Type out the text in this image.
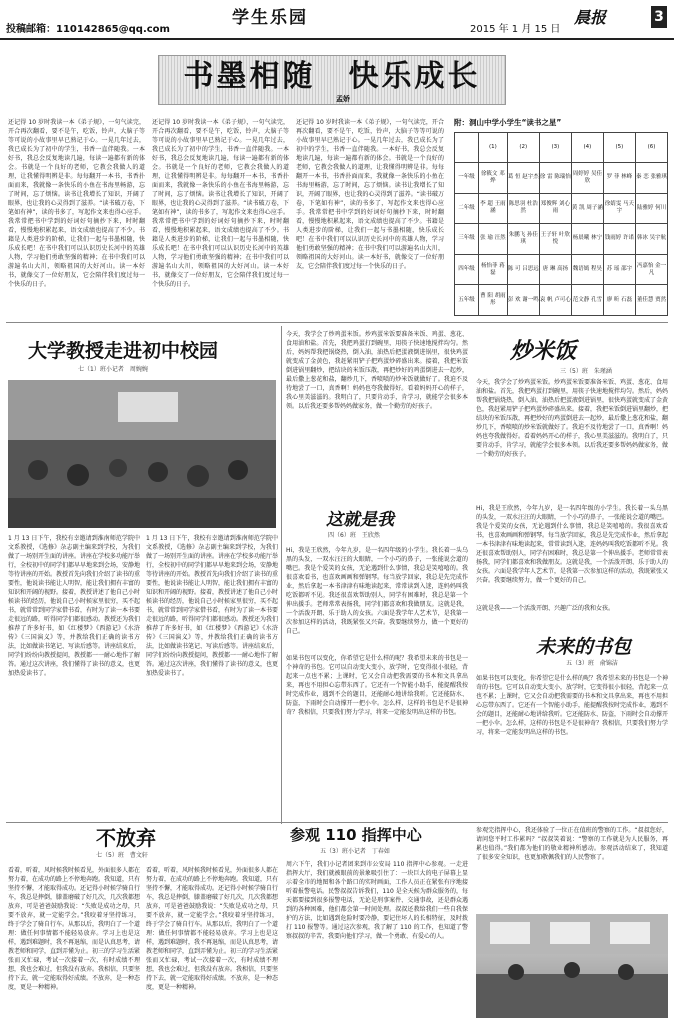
投稿邮箱：110142865@qq.com
学生乐园
2015 年 1 月 15 日
晨报	3
书墨相随　快乐成长
孟娇
还记得 10 岁时我读一本《弟子规》，一句气读完，开合再次翻看，要不是午，吃饭，铃声，大脑子等等可说的小故事里早已熟记于心。一晃几年过去，我已成长为了初中的学生，书香一直伴随我。一本好书，我总会反复地读几遍，每读一遍都有新的体会。书就是一个良好的老师，它教会我做人的道理，让我懂得明辨是非。每每翻开一本书，书香扑面而来，我就像一条快乐的小鱼在书海里畅游，忘了时间，忘了烦恼。读书让我增长了知识，开阔了眼界，也让我的心灵得到了滋养。“读书破万卷，下笔如有神”，读的书多了，写起作文来也得心应手。我常常把书中学到的好词好句摘抄下来，时时翻看，慢慢地积累起来，语文成绩也提高了不少。书籍是人类进步的阶梯，让我们一起与书墨相随，快乐成长吧！在书中我们可以认识历史长河中的英雄人物，学习他们勇敢坚强的精神；在书中我们可以游遍名山大川，领略祖国的大好河山。读一本好书，就像交了一位好朋友，它会陪伴我们度过每一个快乐的日子。
还记得 10 岁时我读一本《弟子规》，一句气读完，开合再次翻看，要不是午，吃饭，铃声，大脑子等等可说的小故事里早已熟记于心。一晃几年过去，我已成长为了初中的学生，书香一直伴随我。一本好书，我总会反复地读几遍，每读一遍都有新的体会。书就是一个良好的老师，它教会我做人的道理，让我懂得明辨是非。每每翻开一本书，书香扑面而来，我就像一条快乐的小鱼在书海里畅游，忘了时间，忘了烦恼。读书让我增长了知识，开阔了眼界，也让我的心灵得到了滋养。“读书破万卷，下笔如有神”，读的书多了，写起作文来也得心应手。我常常把书中学到的好词好句摘抄下来，时时翻看，慢慢地积累起来，语文成绩也提高了不少。书籍是人类进步的阶梯，让我们一起与书墨相随，快乐成长吧！在书中我们可以认识历史长河中的英雄人物，学习他们勇敢坚强的精神；在书中我们可以游遍名山大川，领略祖国的大好河山。读一本好书，就像交了一位好朋友，它会陪伴我们度过每一个快乐的日子。
还记得 10 岁时我读一本《弟子规》，一句气读完，开合再次翻看，要不是午，吃饭，铃声，大脑子等等可说的小故事里早已熟记于心。一晃几年过去，我已成长为了初中的学生，书香一直伴随我。一本好书，我总会反复地读几遍，每读一遍都有新的体会。书就是一个良好的老师，它教会我做人的道理，让我懂得明辨是非。每每翻开一本书，书香扑面而来，我就像一条快乐的小鱼在书海里畅游，忘了时间，忘了烦恼。读书让我增长了知识，开阔了眼界，也让我的心灵得到了滋养。“读书破万卷，下笔如有神”，读的书多了，写起作文来也得心应手。我常常把书中学到的好词好句摘抄下来，时时翻看，慢慢地积累起来，语文成绩也提高了不少。书籍是人类进步的阶梯，让我们一起与书墨相随，快乐成长吧！在书中我们可以认识历史长河中的英雄人物，学习他们勇敢坚强的精神；在书中我们可以游遍名山大川，领略祖国的大好河山。读一本好书，就像交了一位好朋友，它会陪伴我们度过每一个快乐的日子。
附：洞山中学小学生“读书之星”
	(1)	(2)	(3)	(4)	(5)	(6)
一年级	徐筱文 邓烨	葛 恒 赵宇杰	徐 雷 陈瑞怡	周婷婷 吴佳欣	罗 菲 林峰	秦 恋 张雅琪
二年级	李 超 王雨涵	陈思羽 杜浩然	郑俊辉 刘心雨	黄 凯 周子涵	徐婧雯 马天宇	陆雅婷 何川
三年级	张 瑜 汪然	朱鹏飞 孙佳琪	王子轩 叶欣悦	杨晨曦 林宁	钱雨婷 许诺	韩冰 吴宇航
四年级	杨怡菲 蒋磊	陈 可 吕思远	唐 琳 高扬	魏语嫣 程昊	苏 瑶 邵宇	冯嘉怡 金一凡
五年级	曹 阳 胡雨彤	彭 欢 谢一鸣	袁 帆 卢可心	范文静 孔雪	廖 昕 石磊	董佳慧 贾然
大学教授走进初中校园
七（1）班小记者　周婉婉
1 月 13 日下午，我校有幸邀请到淮南师范学院中文系教授，《选修》杂志副主编来到学校，为我们做了一场别开生面的讲座。讲座在学校多功能厅举行，全校初中的同学们都早早地来到会场，安静地等待讲座的开始。教授首先向我们介绍了读书的重要性，他说读书能让人明智，能让我们拥有丰富的知识和开阔的视野。接着，教授讲述了他自己小时候读书的经历，他说自己小时候家里很穷，买不起书，就常常到同学家借书看，有时为了读一本书要走很远的路，听得同学们都很感动。教授还为我们推荐了许多好书，如《红楼梦》《西游记》《水浒传》《三国演义》等，并教给我们正确的读书方法，比如做读书笔记、写读后感等。讲座结束后，同学们纷纷向教授提问，教授都一一耐心地作了解答。通过这次讲座，我们懂得了读书的意义，也更加热爱读书了。
1 月 13 日下午，我校有幸邀请到淮南师范学院中文系教授，《选修》杂志副主编来到学校，为我们做了一场别开生面的讲座。讲座在学校多功能厅举行，全校初中的同学们都早早地来到会场，安静地等待讲座的开始。教授首先向我们介绍了读书的重要性，他说读书能让人明智，能让我们拥有丰富的知识和开阔的视野。接着，教授讲述了他自己小时候读书的经历，他说自己小时候家里很穷，买不起书，就常常到同学家借书看，有时为了读一本书要走很远的路，听得同学们都很感动。教授还为我们推荐了许多好书，如《红楼梦》《西游记》《水浒传》《三国演义》等，并教给我们正确的读书方法，比如做读书笔记、写读后感等。讲座结束后，同学们纷纷向教授提问，教授都一一耐心地作了解答。通过这次讲座，我们懂得了读书的意义，也更加热爱读书了。
炒米饭
三（5）班　朱瑾涵
今天，我学会了炒鸡蛋米饭。炒鸡蛋米饭要准备米饭、鸡蛋、葱花、食用油和盐。首先，我把鸡蛋打到碗里，用筷子快速地搅拌均匀。然后，妈妈帮我把锅烧热，倒入油，油热后把蛋液倒进锅里，很快鸡蛋就变成了金黄色，我赶紧用铲子把鸡蛋炒碎盛出来。接着，我把米饭倒进锅里翻炒，把结块的米饭压散，再把炒好的鸡蛋倒进去一起炒，最后撒上葱花和盐，翻炒几下，香喷喷的炒米饭就做好了。我迫不及待地尝了一口，真香啊！妈妈也夸我做得好。看着妈妈开心的样子，我心里美滋滋的。我明白了，只要肯动手，肯学习，就能学会很多本领。以后我还要多帮妈妈做家务，做一个勤劳的好孩子。
今天，我学会了炒鸡蛋米饭。炒鸡蛋米饭要准备米饭、鸡蛋、葱花、食用油和盐。首先，我把鸡蛋打到碗里，用筷子快速地搅拌均匀。然后，妈妈帮我把锅烧热，倒入油，油热后把蛋液倒进锅里，很快鸡蛋就变成了金黄色，我赶紧用铲子把鸡蛋炒碎盛出来。接着，我把米饭倒进锅里翻炒，把结块的米饭压散，再把炒好的鸡蛋倒进去一起炒，最后撒上葱花和盐，翻炒几下，香喷喷的炒米饭就做好了。我迫不及待地尝了一口，真香啊！妈妈也夸我做得好。看着妈妈开心的样子，我心里美滋滋的。我明白了，只要肯动手，肯学习，就能学会很多本领。以后我还要多帮妈妈做家务，做一个勤劳的好孩子。
这就是我
四（6）班　王欣然
Hi，我是王欣然，今年九岁，是一名四年级的小学生。我长着一头乌黑的头发，一双水汪汪的大眼睛，一个小巧的鼻子，一张能说会道的嘴巴。我是个爱笑的女孩，无论遇到什么事情，我总是笑嘻嘻的。我很喜欢看书，也喜欢画画和弹钢琴。每当放学回家，我总是先完成作业，然后拿起一本书津津有味地读起来，常常读到入迷，连妈妈叫我吃饭都听不见。我还很喜欢帮助别人，同学有困难时，我总是第一个伸出援手。老师常常表扬我，同学们都喜欢和我做朋友。这就是我，一个活泼开朗、乐于助人的女孩。六面是我学年人艺术节，是我第一次参加这样的活动，我既紧张又兴奋。我要继续努力，做一个更好的自己。
Hi，我是王欣然，今年九岁，是一名四年级的小学生。我长着一头乌黑的头发，一双水汪汪的大眼睛，一个小巧的鼻子，一张能说会道的嘴巴。我是个爱笑的女孩，无论遇到什么事情，我总是笑嘻嘻的。我很喜欢看书，也喜欢画画和弹钢琴。每当放学回家，我总是先完成作业，然后拿起一本书津津有味地读起来，常常读到入迷，连妈妈叫我吃饭都听不见。我还很喜欢帮助别人，同学有困难时，我总是第一个伸出援手。老师常常表扬我，同学们都喜欢和我做朋友。这就是我，一个活泼开朗、乐于助人的女孩。六面是我学年人艺术节，是我第一次参加这样的活动，我既紧张又兴奋。我要继续努力，做一个更好的自己。
这就是我——一个活泼开朗、兴趣广泛的我和女孩。
未来的书包
五（3）班　俞锦洁
如果书包可以变化，你希望它是什么样的呢？我希望未来的书包是一个神奇的书包。它可以自动变大变小，放学时，它变得很小很轻，背起来一点也不累；上课时，它又会自动把我需要的书本和文具拿出来，再也不用担心忘带东西了。它还有一个智能小助手，能提醒我按时完成作业，遇到不会的题目，还能耐心地讲给我听。它还能防水、防盗，下雨时会自动撑开一把小伞。怎么样，这样的书包是不是很神奇？我相信，只要我们努力学习，将来一定能发明出这样的书包。
如果书包可以变化，你希望它是什么样的呢？我希望未来的书包是一个神奇的书包。它可以自动变大变小，放学时，它变得很小很轻，背起来一点也不累；上课时，它又会自动把我需要的书本和文具拿出来，再也不用担心忘带东西了。它还有一个智能小助手，能提醒我按时完成作业，遇到不会的题目，还能耐心地讲给我听。它还能防水、防盗，下雨时会自动撑开一把小伞。怎么样，这样的书包是不是很神奇？我相信，只要我们努力学习，将来一定能发明出这样的书包。
不放弃
七（5）班　曹文轩
看着，听着，风时候我时候看见，外面很多人都在努力着，在成功的路上不停地奔跑。我知道，只有坚持不懈，才能取得成功。还记得小时候学骑自行车，我总是摔倒，膝盖磨破了好几次，几次我都想放弃，可是爸爸鼓励我说：“失败是成功之母，只要不放弃，就一定能学会。”我咬着牙坚持练习，终于学会了骑自行车。从那以后，我明白了一个道理：做任何事情都不能轻易放弃。学习上也是这样，遇到难题时，我不再退缩，而是认真思考，请教老师和同学，直到弄懂为止。初三的学习生活紧张而又忙碌，考试一次接着一次，有时成绩不理想，我也会难过，但我没有放弃。我相信，只要坚持下去，就一定能取得好成绩。不放弃，是一种态度，更是一种精神。
看着，听着，风时候我时候看见，外面很多人都在努力着，在成功的路上不停地奔跑。我知道，只有坚持不懈，才能取得成功。还记得小时候学骑自行车，我总是摔倒，膝盖磨破了好几次，几次我都想放弃，可是爸爸鼓励我说：“失败是成功之母，只要不放弃，就一定能学会。”我咬着牙坚持练习，终于学会了骑自行车。从那以后，我明白了一个道理：做任何事情都不能轻易放弃。学习上也是这样，遇到难题时，我不再退缩，而是认真思考，请教老师和同学，直到弄懂为止。初三的学习生活紧张而又忙碌，考试一次接着一次，有时成绩不理想，我也会难过，但我没有放弃。我相信，只要坚持下去，就一定能取得好成绩。不放弃，是一种态度，更是一种精神。
参观 110 指挥中心
五（3）班小记者　丁春如
周六下午，我们小记者团来到市公安局 110 指挥中心参观。一走进指挥大厅，我们就被眼前的景象吸引住了：一块巨大的电子屏幕上显示着全市的地图和各个路口的实时画面，工作人员正在紧张有序地接听着报警电话。民警叔叔告诉我们，110 是全天候为群众服务的，每天都要接到很多报警电话，无论是刑事案件、交通事故，还是群众遇到的各种困难，他们都会第一时间处理。叔叔还教给我们一些自我保护的方法，比如遇到危险时要冷静，要记住坏人的长相特征，及时拨打 110 报警等。通过这次参观，我了解了 110 的工作，也知道了警察叔叔的辛苦，我要向他们学习，做一个勇敢、有爱心的人。
参观完指挥中心，我还体验了一位正在值班的警察的工作。“叔叔您好，请问您平时工作累吗？”叔叔笑着说：“警察的工作就是为人民服务，再累也值得。”我们都为他们的敬业精神所感动。参观活动结束了，我知道了很多安全知识，也更加敬佩我们的人民警察了。
